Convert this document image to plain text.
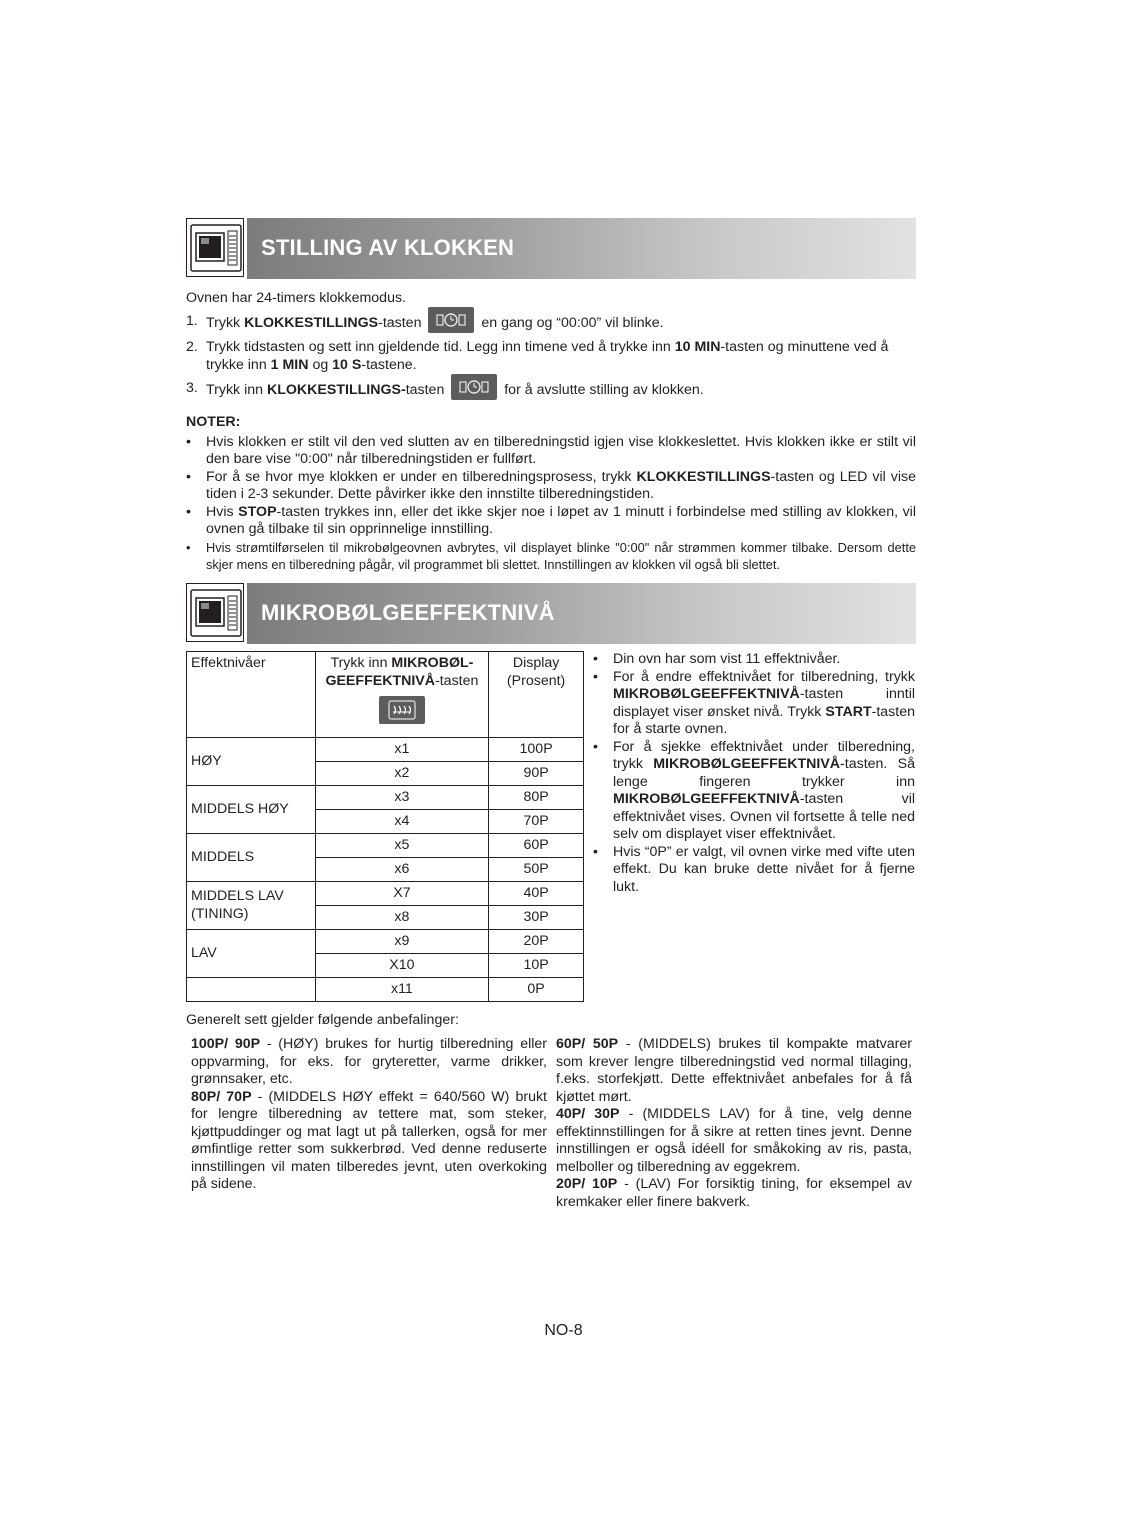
STILLING AV KLOKKEN

Ovnen har 24-timers klokkemodus.

1. Trykk KLOKKESTILLINGS-tasten	en gang og “00:00” vil blinke.
2. Trykk tidstasten og sett inn gjeldende tid. Legg inn timene ved å trykke inn 10 MIN-tasten og minuttene ved å trykke inn 1 MIN og 10 S-tastene.
3. Trykk inn KLOKKESTILLINGS-tasten	for å avslutte stilling av klokken.
NOTER:
• Hvis klokken er stilt vil den ved slutten av en tilberedningstid igjen vise klokkeslettet. Hvis klokken ikke er stilt vil den bare vise "0:00" når tilberedningstiden er fullført.
• For å se hvor mye klokken er under en tilberedningsprosess, trykk KLOKKESTILLINGS-tasten og LED vil vise tiden i 2-3 sekunder. Dette påvirker ikke den innstilte tilberedningstiden.
• Hvis STOP-tasten trykkes inn, eller det ikke skjer noe i løpet av 1 minutt i forbindelse med stilling av klokken, vil ovnen gå tilbake til sin opprinnelige innstilling.
• Hvis strømtilførselen til mikrobølgeovnen avbrytes, vil displayet blinke "0:00" når strømmen kommer tilbake. Dersom dette skjer mens en tilberedning pågår, vil programmet bli slettet. Innstillingen av klokken vil også bli slettet.
MIKROBØLGEEFFEKTNIVÅ
Effektnivåer	Trykk inn MIKROBØL-GEEFFEKTNIVÅ-tasten	Display (Prosent)
HØY	x1	100P
	x2	90P
MIDDELS HØY	x3	80P
	x4	70P
MIDDELS	x5	60P
	x6	50P
MIDDELS LAV (TINING)	X7	40P
	x8	30P
LAV	x9	20P
	X10	10P
	x11	0P
• Din ovn har som vist 11 effektnivåer.
• For å endre effektnivået for tilberedning, trykk MIKROBØLGEEFFEKTNIVÅ-tasten inntil displayet viser ønsket nivå. Trykk START-tasten for å starte ovnen.
• For å sjekke effektnivået under tilberedning, trykk MIKROBØLGEEFFEKTNIVÅ-tasten. Så lenge fingeren trykker inn MIKROBØLGEEFFEKTNIVÅ-tasten vil effektnivået vises. Ovnen vil fortsette å telle ned selv om displayet viser effektnivået.
• Hvis “0P” er valgt, vil ovnen virke med vifte uten effekt. Du kan bruke dette nivået for å fjerne lukt.

Generelt sett gjelder følgende anbefalinger:

100P/ 90P - (HØY) brukes for hurtig tilberedning eller oppvarming, for eks. for gryteretter, varme drikker, grønnsaker, etc.
80P/ 70P - (MIDDELS HØY effekt = 640/560 W) brukt for lengre tilberedning av tettere mat, som steker, kjøttpuddinger og mat lagt ut på tallerken, også for mer ømfintlige retter som sukkerbrød. Ved denne reduserte innstillingen vil maten tilberedes jevnt, uten overkoking på sidene.
60P/ 50P - (MIDDELS) brukes til kompakte matvarer som krever lengre tilberedningstid ved normal tillaging, f.eks. storfekjøtt. Dette effektnivået anbefales for å få kjøttet mørt.
40P/ 30P - (MIDDELS LAV) for å tine, velg denne effektinnstillingen for å sikre at retten tines jevnt. Denne innstillingen er også idéell for småkoking av ris, pasta, melboller og tilberedning av eggekrem.
20P/ 10P - (LAV) For forsiktig tining, for eksempel av kremkaker eller finere bakverk.
NO-8
